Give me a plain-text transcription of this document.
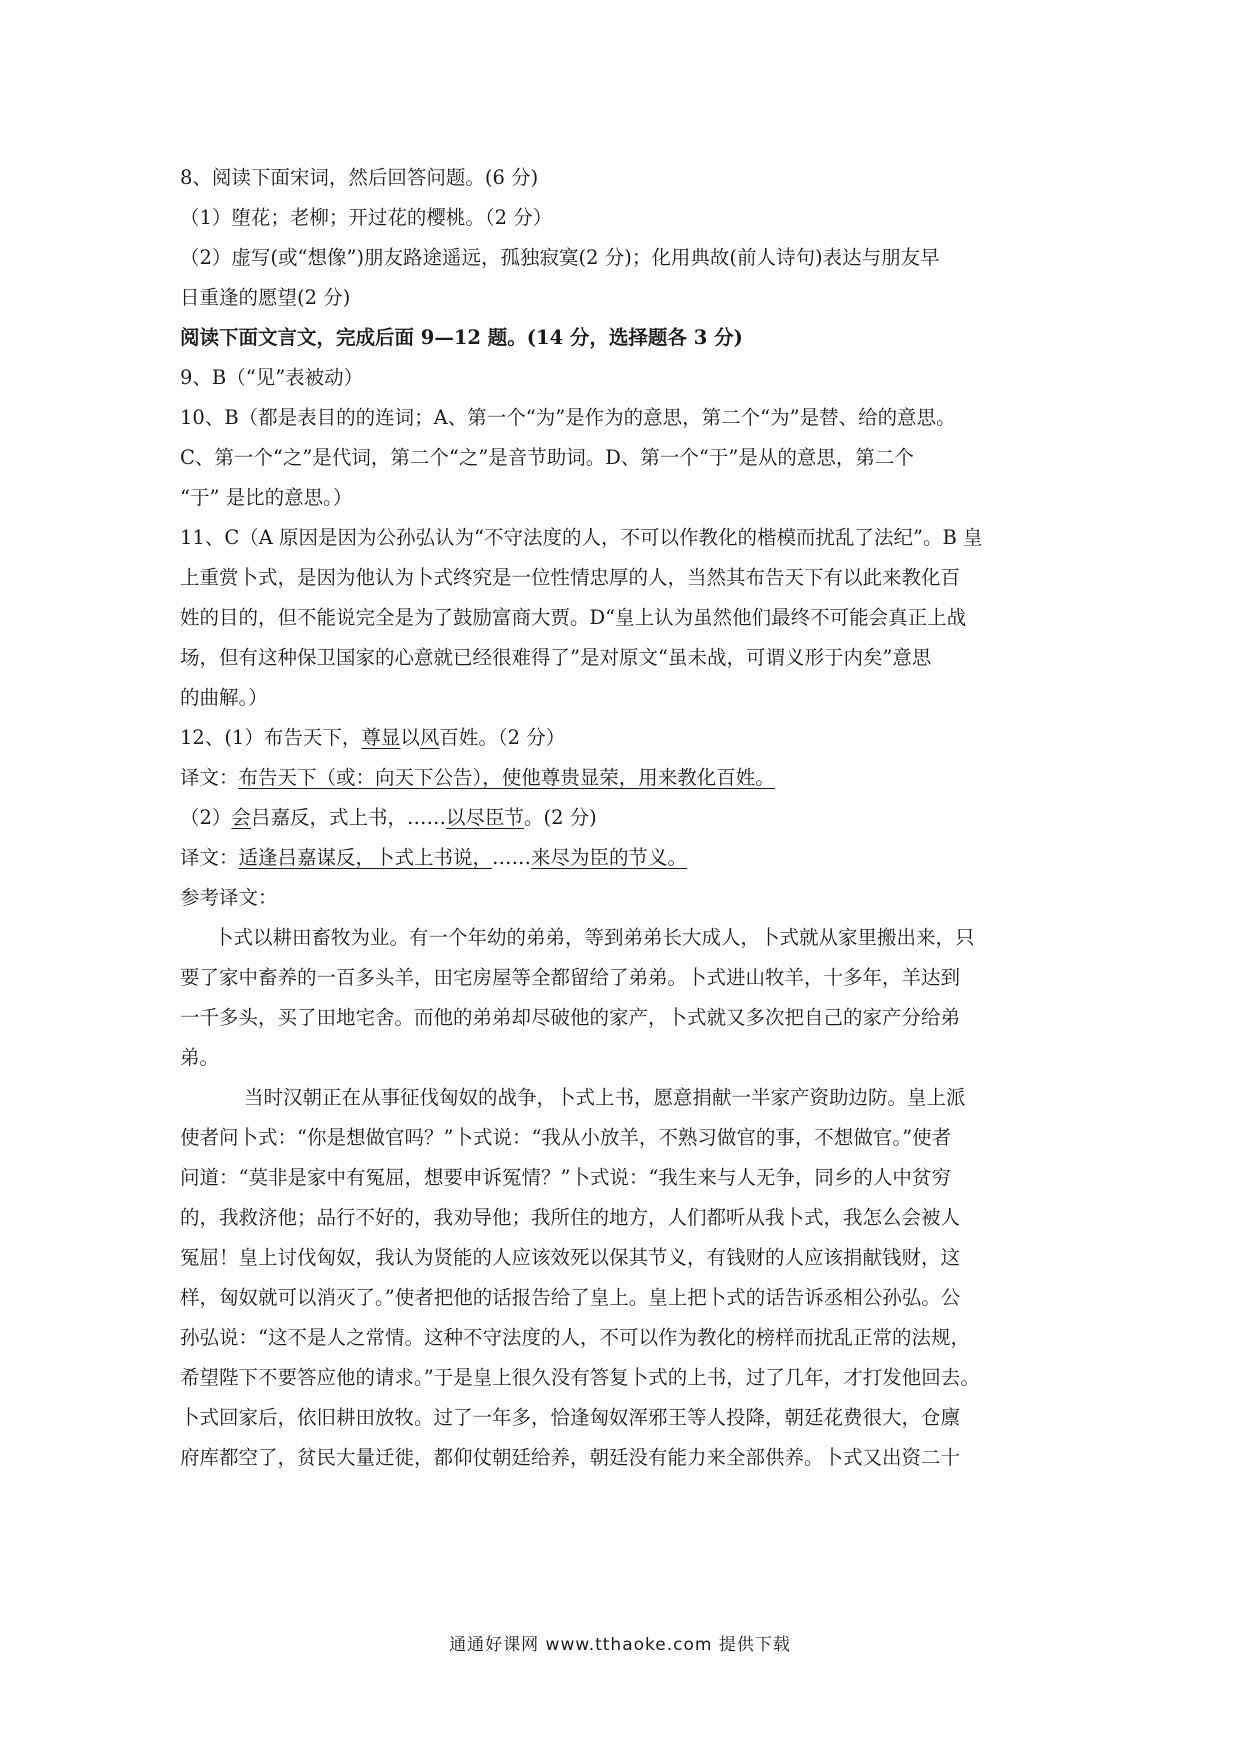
8、阅读下面宋词，然后回答问题。(6 分)
（1）堕花；老柳；开过花的樱桃。（2 分）
（2）虚写(或“想像”)朋友路途遥远，孤独寂寞(2 分)；化用典故(前人诗句)表达与朋友早
日重逢的愿望(2 分)
阅读下面文言文，完成后面 9—12 题。(14 分，选择题各 3 分)
9、B（“见”表被动）
10、B（都是表目的的连词；A、第一个“为”是作为的意思，第二个“为”是替、给的意思。
C、第一个“之”是代词，第二个“之”是音节助词。D、第一个“于”是从的意思，第二个
“于” 是比的意思。）
11、C（A 原因是因为公孙弘认为“不守法度的人，不可以作教化的楷模而扰乱了法纪”。B 皇
上重赏卜式，是因为他认为卜式终究是一位性情忠厚的人，当然其布告天下有以此来教化百
姓的目的，但不能说完全是为了鼓励富商大贾。D“皇上认为虽然他们最终不可能会真正上战
场，但有这种保卫国家的心意就已经很难得了”是对原文“虽未战，可谓义形于内矣”意思
的曲解。）
12、(1）布告天下，尊显以风百姓。（2 分）
译文：布告天下（或：向天下公告），使他尊贵显荣，用来教化百姓。
（2）会吕嘉反，式上书，……以尽臣节。(2 分)
译文：适逢吕嘉谋反，卜式上书说，……来尽为臣的节义。
参考译文：
卜式以耕田畜牧为业。有一个年幼的弟弟，等到弟弟长大成人，卜式就从家里搬出来，只
要了家中畜养的一百多头羊，田宅房屋等全都留给了弟弟。卜式进山牧羊，十多年，羊达到
一千多头，买了田地宅舍。而他的弟弟却尽破他的家产，卜式就又多次把自己的家产分给弟
弟。
当时汉朝正在从事征伐匈奴的战争，卜式上书，愿意捐献一半家产资助边防。皇上派
使者问卜式：“你是想做官吗？”卜式说：“我从小放羊，不熟习做官的事，不想做官。”使者
问道：“莫非是家中有冤屈，想要申诉冤情？”卜式说：“我生来与人无争，同乡的人中贫穷
的，我救济他；品行不好的，我劝导他；我所住的地方，人们都听从我卜式，我怎么会被人
冤屈！皇上讨伐匈奴，我认为贤能的人应该效死以保其节义，有钱财的人应该捐献钱财，这
样，匈奴就可以消灭了。”使者把他的话报告给了皇上。皇上把卜式的话告诉丞相公孙弘。公
孙弘说：“这不是人之常情。这种不守法度的人，不可以作为教化的榜样而扰乱正常的法规，
希望陛下不要答应他的请求。”于是皇上很久没有答复卜式的上书，过了几年，才打发他回去。
卜式回家后，依旧耕田放牧。过了一年多，恰逢匈奴浑邪王等人投降，朝廷花费很大，仓廪
府库都空了，贫民大量迁徙，都仰仗朝廷给养，朝廷没有能力来全部供养。卜式又出资二十
通通好课网 www.tthaoke.com 提供下载
